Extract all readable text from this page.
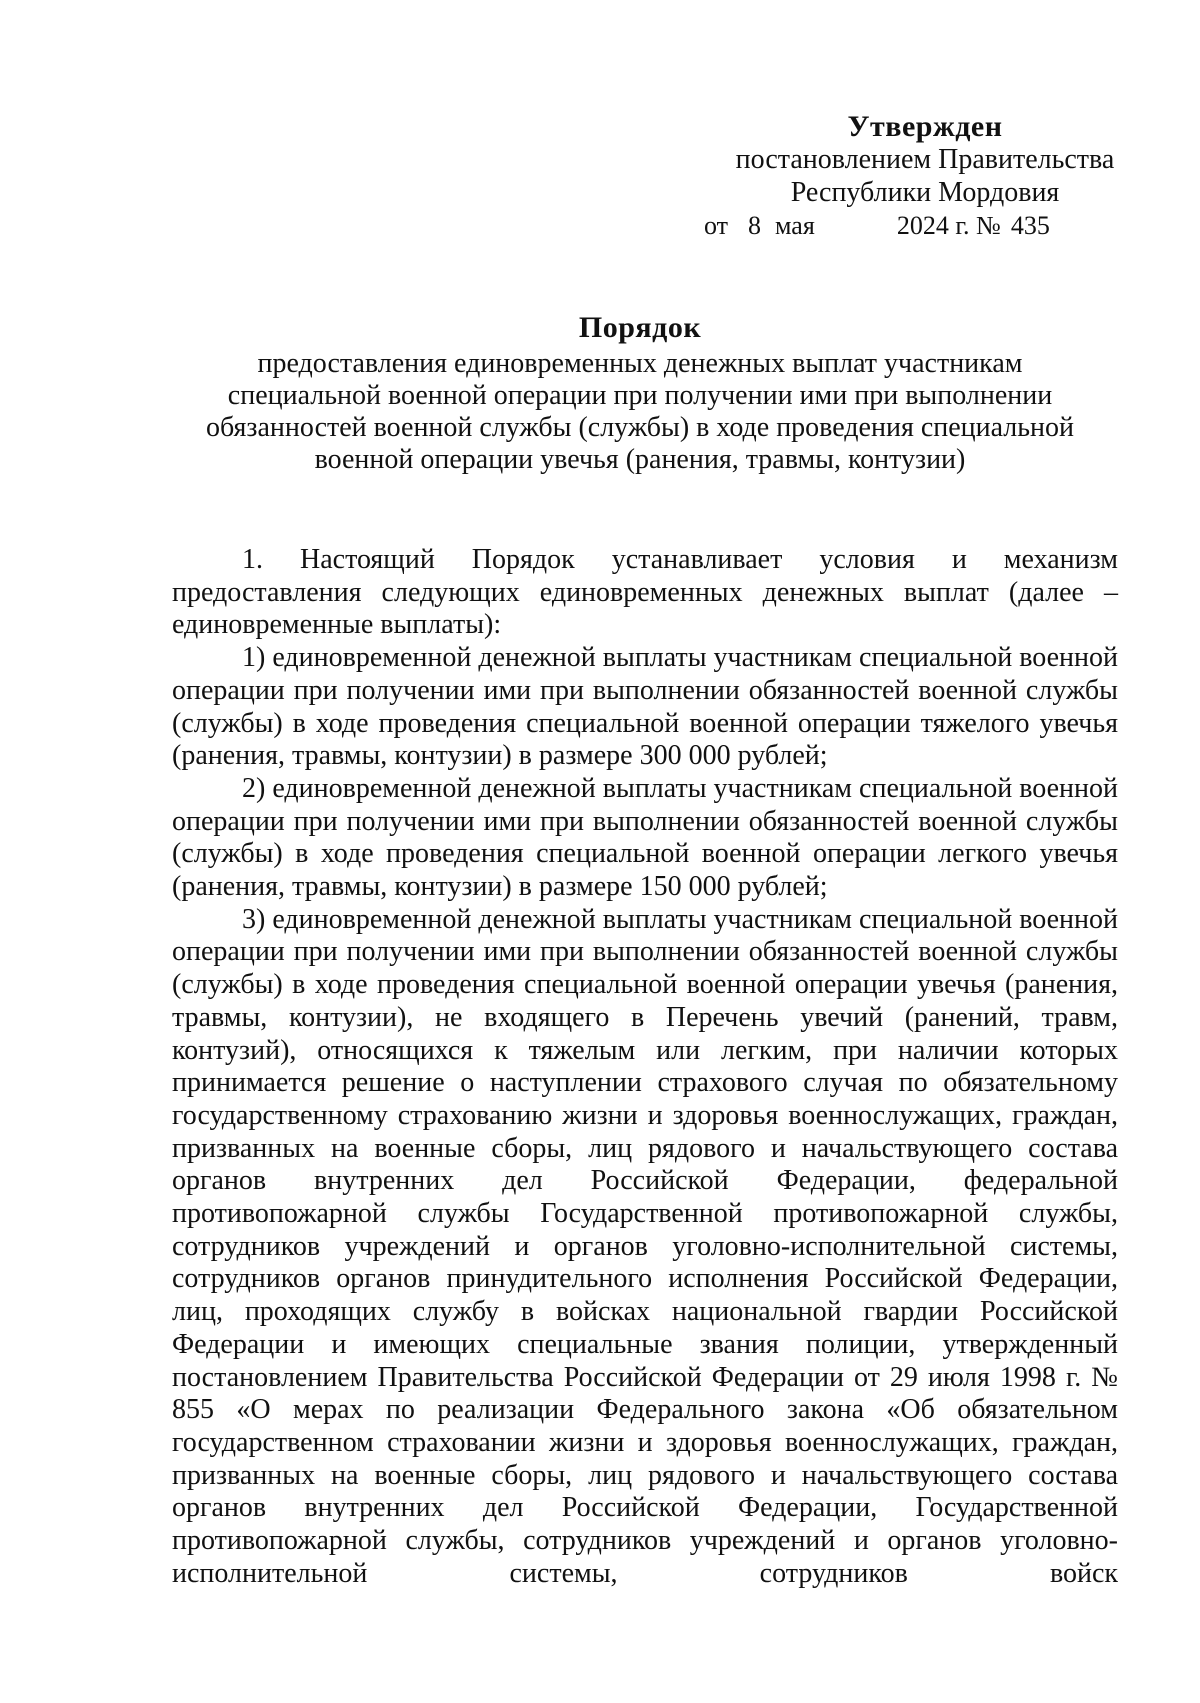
Утвержден
постановлением Правительства
Республики Мордовия
от 8 мая	2024 г. № 435
Порядок
предоставления единовременных денежных выплат участникам
специальной военной операции при получении ими при выполнении
обязанностей военной службы (службы) в ходе проведения специальной
военной операции увечья (ранения, травмы, контузии)

1. Настоящий Порядок устанавливает условия и механизм предоставления следующих единовременных денежных выплат (далее – единовременные выплаты):

1) единовременной денежной выплаты участникам специальной военной операции при получении ими при выполнении обязанностей военной службы (службы) в ходе проведения специальной военной операции тяжелого увечья (ранения, травмы, контузии) в размере 300 000 рублей;

2) единовременной денежной выплаты участникам специальной военной операции при получении ими при выполнении обязанностей военной службы (службы) в ходе проведения специальной военной операции легкого увечья (ранения, травмы, контузии) в размере 150 000 рублей;

3) единовременной денежной выплаты участникам специальной военной операции при получении ими при выполнении обязанностей военной службы (службы) в ходе проведения специальной военной операции увечья (ранения, травмы, контузии), не входящего в Перечень увечий (ранений, травм, контузий), относящихся к тяжелым или легким, при наличии которых принимается решение о наступлении страхового случая по обязательному государственному страхованию жизни и здоровья военнослужащих, граждан, призванных на военные сборы, лиц рядового и начальствующего состава органов внутренних дел Российской Федерации, федеральной противопожарной службы Государственной противопожарной службы, сотрудников учреждений и органов уголовно-исполнительной системы, сотрудников органов принудительного исполнения Российской Федерации, лиц, проходящих службу в войсках национальной гвардии Российской Федерации и имеющих специальные звания полиции, утвержденный постановлением Правительства Российской Федерации от 29 июля 1998 г. № 855 «О мерах по реализации Федерального закона «Об обязательном государственном страховании жизни и здоровья военнослужащих, граждан, призванных на военные сборы, лиц рядового и начальствующего состава органов внутренних дел Российской Федерации, Государственной противопожарной службы, сотрудников учреждений и органов уголовно-исполнительной системы, сотрудников войск
